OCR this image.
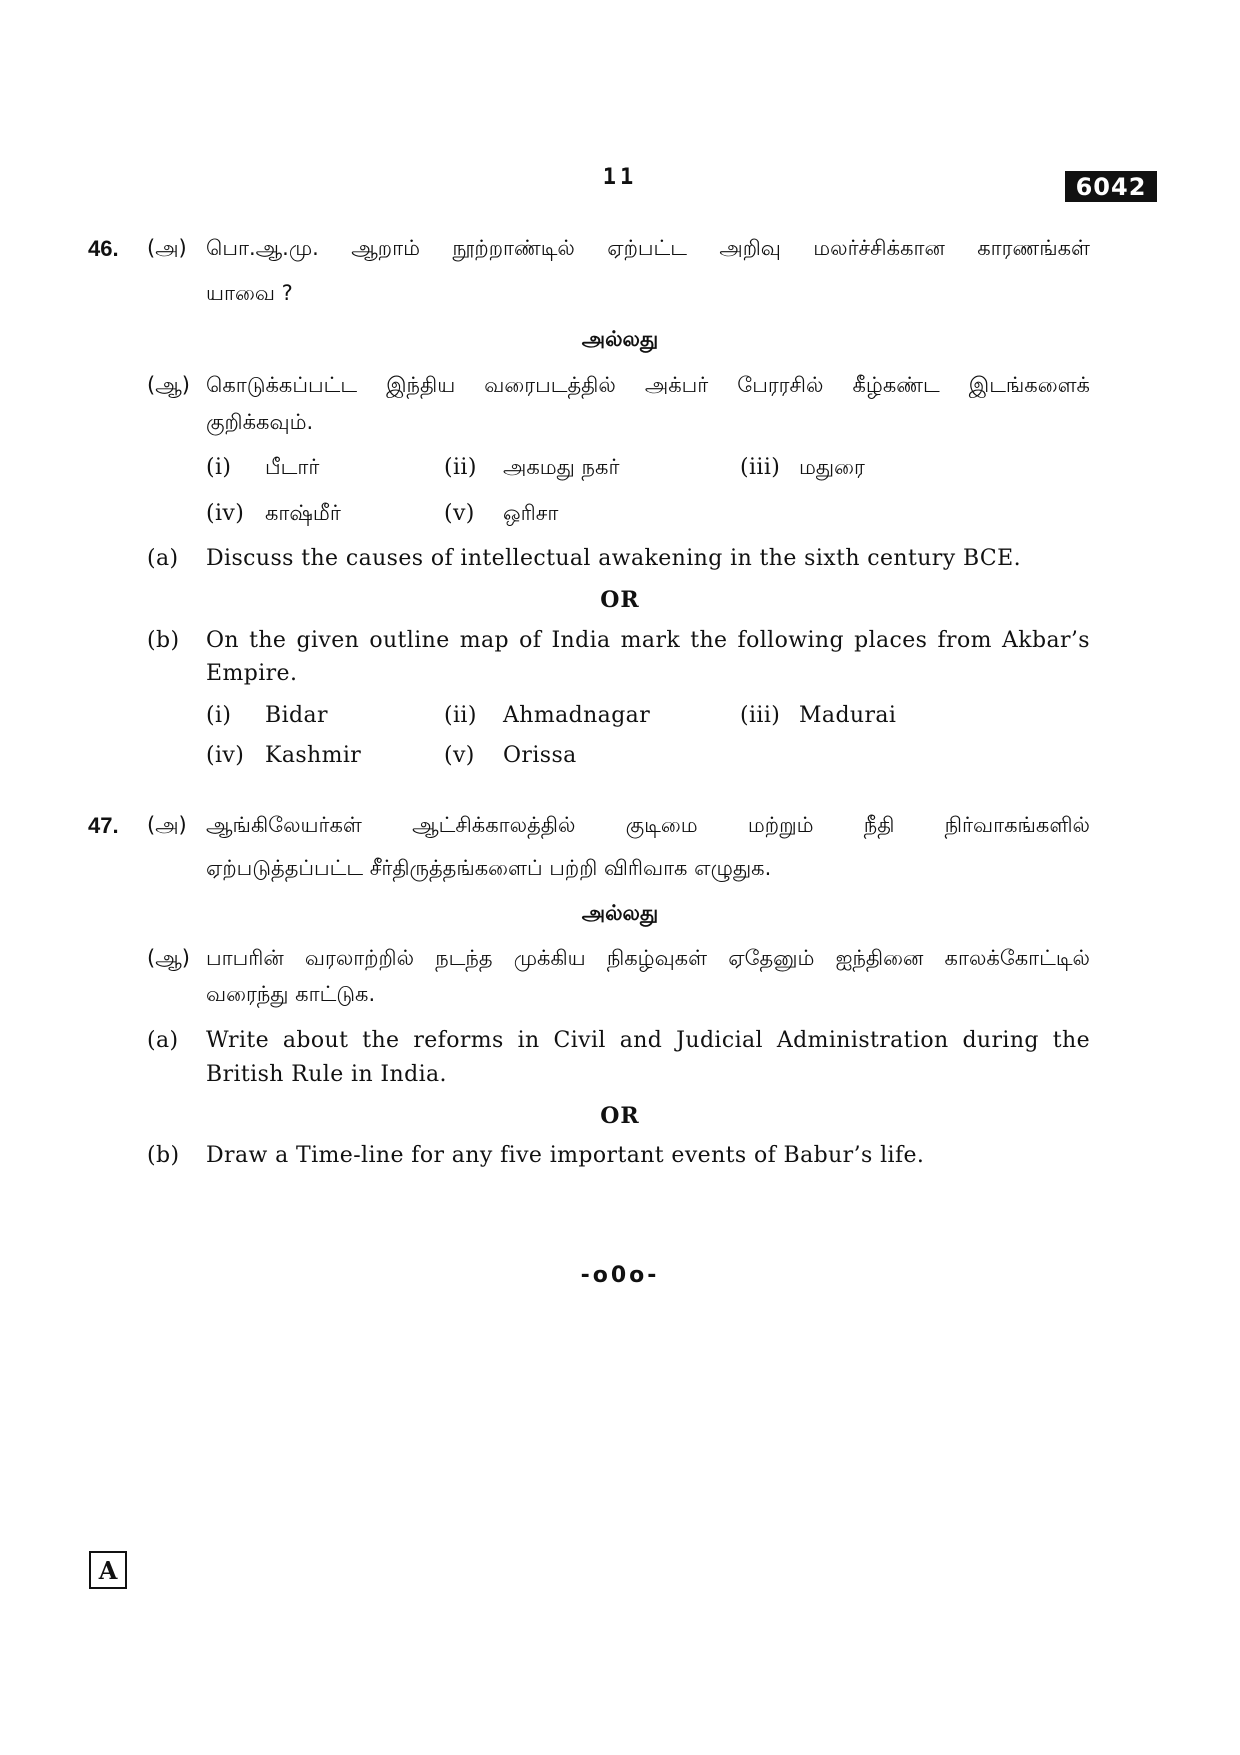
11	6042
46. (அ) பொ.ஆ.மு. ஆறாம் நூற்றாண்டில் ஏற்பட்ட அறிவு மலர்ச்சிக்கான காரணங்கள்
யாவை ?
அல்லது
(ஆ) கொடுக்கப்பட்ட இந்திய வரைபடத்தில் அக்பர் பேரரசில் கீழ்கண்ட இடங்களைக்
குறிக்கவும்.
(i) பீடார்	(ii) அகமது நகர்	(iii) மதுரை
(iv) காஷ்மீர்	(v) ஒரிசா
(a) Discuss the causes of intellectual awakening in the sixth century BCE.
OR
(b) On the given outline map of India mark the following places from Akbar’s
Empire.
(i) Bidar	(ii) Ahmadnagar	(iii) Madurai
(iv) Kashmir	(v) Orissa
47. (அ) ஆங்கிலேயர்கள் ஆட்சிக்காலத்தில் குடிமை மற்றும் நீதி நிர்வாகங்களில்
ஏற்படுத்தப்பட்ட சீர்திருத்தங்களைப் பற்றி விரிவாக எழுதுக.
அல்லது
(ஆ) பாபரின் வரலாற்றில் நடந்த முக்கிய நிகழ்வுகள் ஏதேனும் ஐந்தினை காலக்கோட்டில்
வரைந்து காட்டுக.
(a) Write about the reforms in Civil and Judicial Administration during the
British Rule in India.
OR
(b) Draw a Time-line for any five important events of Babur’s life.
-o0o-
A
